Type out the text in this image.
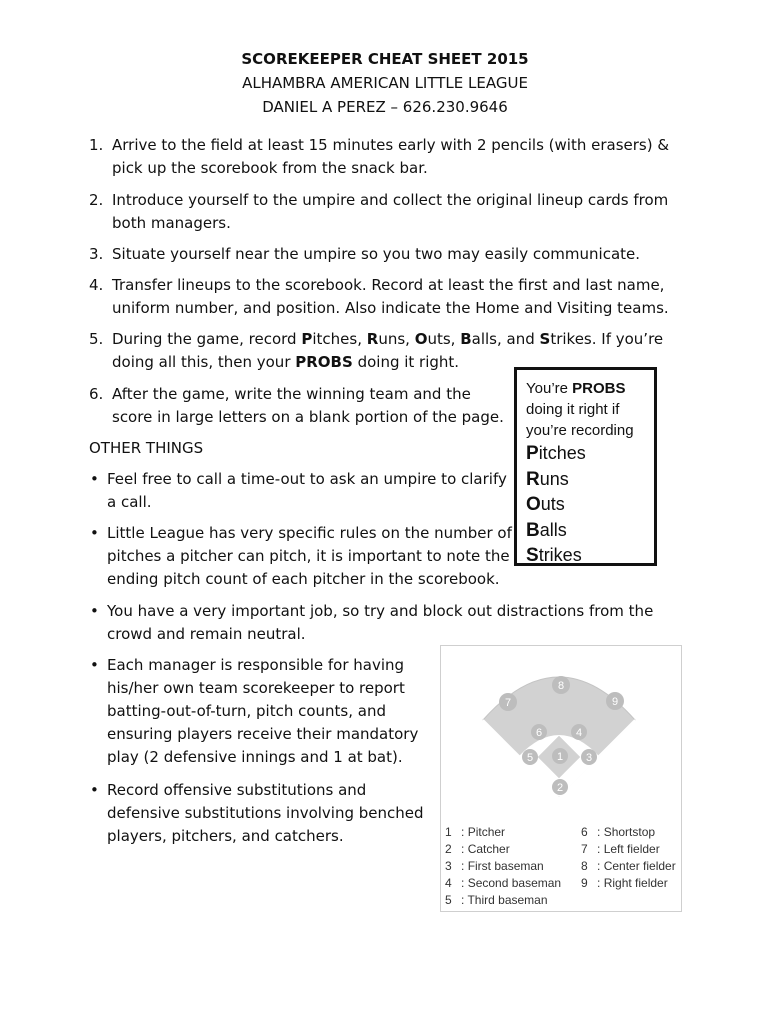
SCOREKEEPER CHEAT SHEET 2015
ALHAMBRA AMERICAN LITTLE LEAGUE
DANIEL A PEREZ – 626.230.9646
1. Arrive to the field at least 15 minutes early with 2 pencils (with erasers) &
pick up the scorebook from the snack bar.
2. Introduce yourself to the umpire and collect the original lineup cards from
both managers.
3. Situate yourself near the umpire so you two may easily communicate.
4. Transfer lineups to the scorebook. Record at least the first and last name,
uniform number, and position. Also indicate the Home and Visiting teams.
5. During the game, record Pitches, Runs, Outs, Balls, and Strikes. If you’re
doing all this, then your PROBS doing it right.
6. After the game, write the winning team and the
score in large letters on a blank portion of the page.
OTHER THINGS
• Feel free to call a time-out to ask an umpire to clarify
a call.
• Little League has very specific rules on the number of
pitches a pitcher can pitch, it is important to note the
ending pitch count of each pitcher in the scorebook.
• You have a very important job, so try and block out distractions from the
crowd and remain neutral.
• Each manager is responsible for having
his/her own team scorekeeper to report
batting-out-of-turn, pitch counts, and
ensuring players receive their mandatory
play (2 defensive innings and 1 at bat).
• Record offensive substitutions and
defensive substitutions involving benched
players, pitchers, and catchers.
You’re PROBS
doing it right if
you’re recording
Pitches
Runs
Outs
Balls
Strikes
8
7	9
6	4
5 1 3
2
1 : Pitcher	6 : Shortstop
2 : Catcher	7 : Left fielder
3 : First baseman	8 : Center fielder
4 : Second baseman 9 : Right fielder
5 : Third baseman
